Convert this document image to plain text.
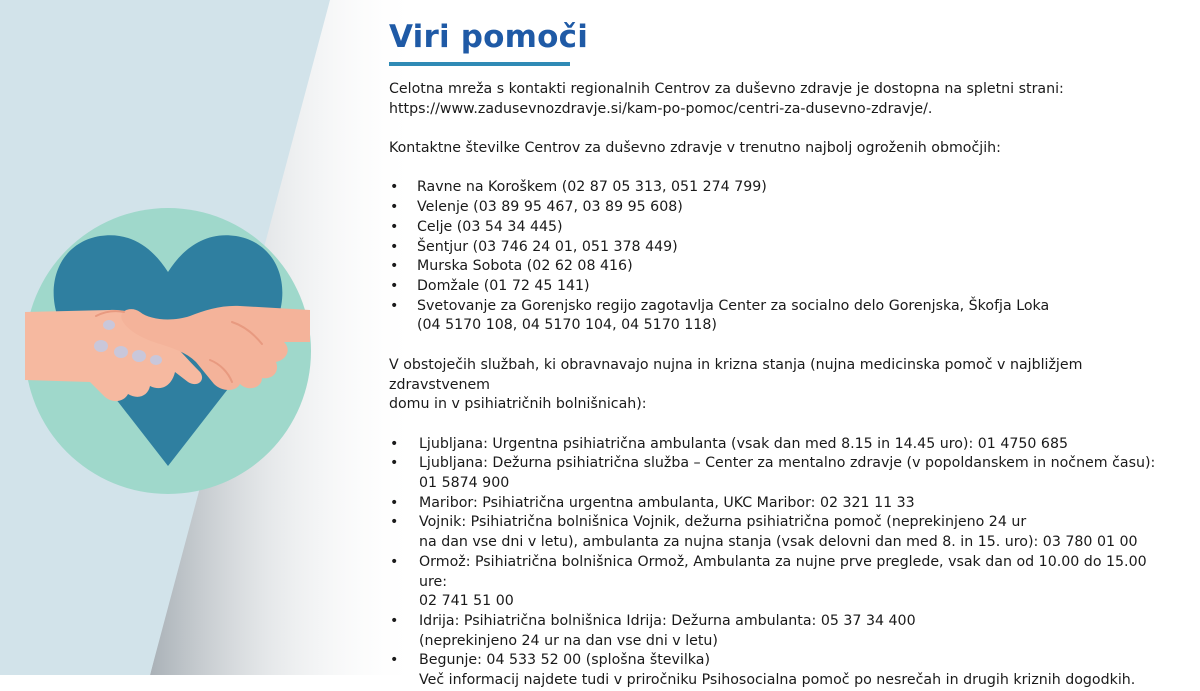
Viri pomoči

Celotna mreža s kontakti regionalnih Centrov za duševno zdravje je dostopna na spletni strani:
https://www.zadusevnozdravje.si/kam-po-pomoc/centri-za-dusevno-zdravje/.

Kontaktne številke Centrov za duševno zdravje v trenutno najbolj ogroženih območjih:

• Ravne na Koroškem (02 87 05 313, 051 274 799)
• Velenje (03 89 95 467, 03 89 95 608)
• Celje (03 54 34 445)
• Šentjur (03 746 24 01, 051 378 449)
• Murska Sobota (02 62 08 416)
• Domžale (01 72 45 141)
• Svetovanje za Gorenjsko regijo zagotavlja Center za socialno delo Gorenjska, Škofja Loka
(04 5170 108, 04 5170 104, 04 5170 118)

V obstoječih službah, ki obravnavajo nujna in krizna stanja (nujna medicinska pomoč v najbližjem zdravstvenem
domu in v psihiatričnih bolnišnicah):

• Ljubljana: Urgentna psihiatrična ambulanta (vsak dan med 8.15 in 14.45 uro): 01 4750 685
• Ljubljana: Dežurna psihiatrična služba – Center za mentalno zdravje (v popoldanskem in nočnem času):
01 5874 900
• Maribor: Psihiatrična urgentna ambulanta, UKC Maribor: 02 321 11 33
• Vojnik: Psihiatrična bolnišnica Vojnik, dežurna psihiatrična pomoč (neprekinjeno 24 ur
na dan vse dni v letu), ambulanta za nujna stanja (vsak delovni dan med 8. in 15. uro): 03 780 01 00
• Ormož: Psihiatrična bolnišnica Ormož, Ambulanta za nujne prve preglede, vsak dan od 10.00 do 15.00 ure:
02 741 51 00
• Idrija: Psihiatrična bolnišnica Idrija: Dežurna ambulanta: 05 37 34 400
(neprekinjeno 24 ur na dan vse dni v letu)
• Begunje: 04 533 52 00 (splošna številka)
Več informacij najdete tudi v priročniku Psihosocialna pomoč po nesrečah in drugih kriznih dogodkih.
